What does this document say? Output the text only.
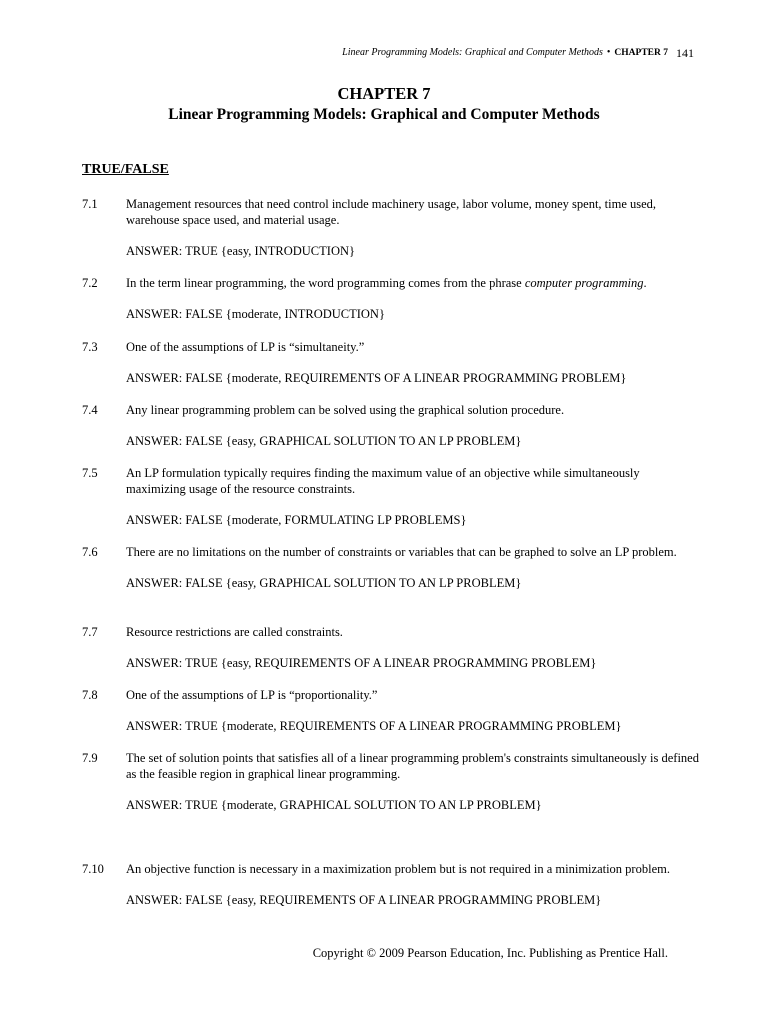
Linear Programming Models: Graphical and Computer Methods • CHAPTER 7 141
CHAPTER 7
Linear Programming Models: Graphical and Computer Methods
TRUE/FALSE
7.1	Management resources that need control include machinery usage, labor volume, money spent, time used, warehouse space used, and material usage.
ANSWER: TRUE {easy, INTRODUCTION}
7.2	In the term linear programming, the word programming comes from the phrase computer programming.
ANSWER: FALSE {moderate, INTRODUCTION}
7.3	One of the assumptions of LP is “simultaneity.”
ANSWER: FALSE {moderate, REQUIREMENTS OF A LINEAR PROGRAMMING PROBLEM}
7.4	Any linear programming problem can be solved using the graphical solution procedure.
ANSWER: FALSE {easy, GRAPHICAL SOLUTION TO AN LP PROBLEM}
7.5	An LP formulation typically requires finding the maximum value of an objective while simultaneously maximizing usage of the resource constraints.
ANSWER: FALSE {moderate, FORMULATING LP PROBLEMS}
7.6	There are no limitations on the number of constraints or variables that can be graphed to solve an LP problem.
ANSWER: FALSE {easy, GRAPHICAL SOLUTION TO AN LP PROBLEM}
7.7	Resource restrictions are called constraints.
ANSWER: TRUE {easy, REQUIREMENTS OF A LINEAR PROGRAMMING PROBLEM}
7.8	One of the assumptions of LP is “proportionality.”
ANSWER: TRUE {moderate, REQUIREMENTS OF A LINEAR PROGRAMMING PROBLEM}
7.9	The set of solution points that satisfies all of a linear programming problem's constraints simultaneously is defined as the feasible region in graphical linear programming.
ANSWER: TRUE {moderate, GRAPHICAL SOLUTION TO AN LP PROBLEM}
7.10	An objective function is necessary in a maximization problem but is not required in a minimization problem.
ANSWER: FALSE {easy, REQUIREMENTS OF A LINEAR PROGRAMMING PROBLEM}
Copyright © 2009 Pearson Education, Inc. Publishing as Prentice Hall.
